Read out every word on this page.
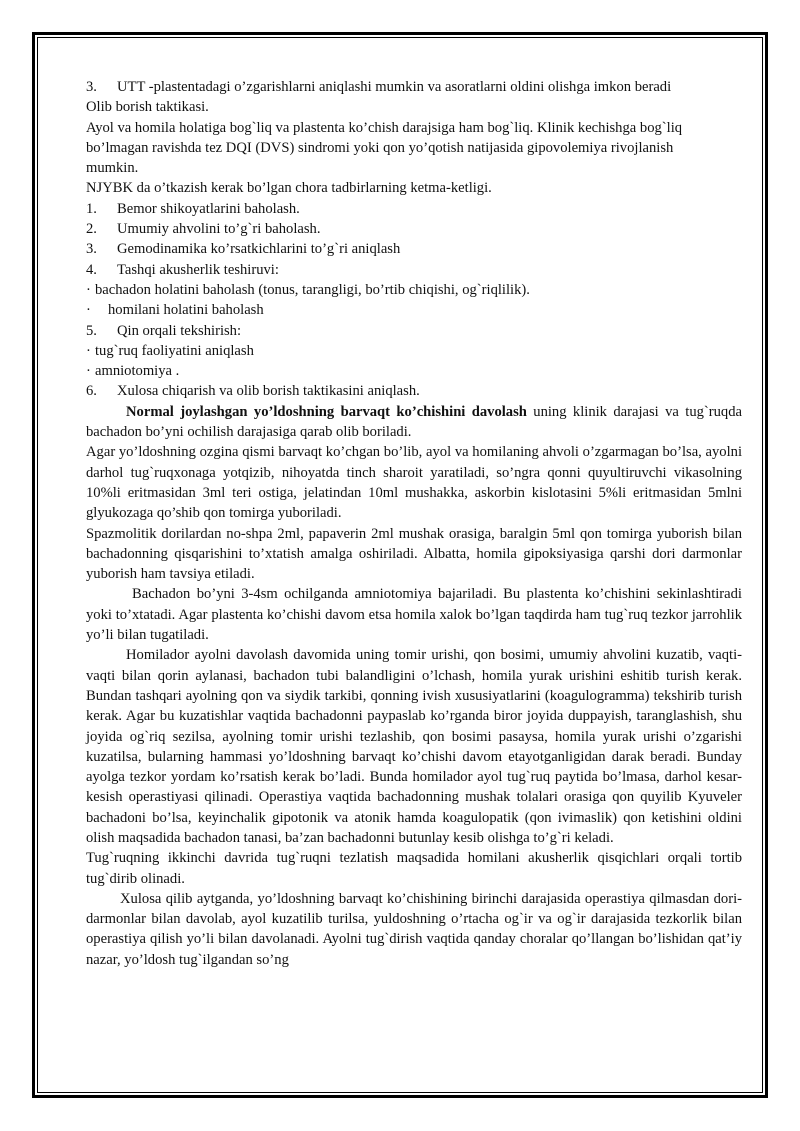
3. UTT -plastentadagi o’zgarishlarni aniqlashi mumkin va asoratlarni oldini olishga imkon beradi

Olib borish taktikasi.

Ayol va homila holatiga bog`liq va plastenta ko’chish darajsiga ham bog`liq. Klinik kechishga bog`liq bo’lmagan ravishda tez DQI (DVS) sindromi yoki qon yo’qotish natijasida gipovolemiya rivojlanish mumkin.

NJYBK da o’tkazish kerak bo’lgan chora tadbirlarning ketma-ketligi.

1. Bemor shikoyatlarini baholash.

2. Umumiy ahvolini to’g`ri baholash.

3. Gemodinamika ko’rsatkichlarini to’g`ri aniqlash

4. Tashqi akusherlik teshiruvi:

· bachadon holatini baholash (tonus, tarangligi, bo’rtib chiqishi, og`riqlilik).

· homilani holatini baholash

5. Qin orqali tekshirish:

· tug`ruq faoliyatini aniqlash

· amniotomiya .

6. Xulosa chiqarish va olib borish taktikasini aniqlash.

Normal joylashgan yo’ldoshning barvaqt ko’chishini davolash uning klinik darajasi va tug`ruqda bachadon bo’yni ochilish darajasiga qarab olib boriladi.

Agar yo’ldoshning ozgina qismi barvaqt ko’chgan bo’lib, ayol va homilaning ahvoli o’zgarmagan bo’lsa, ayolni darhol tug`ruqxonaga yotqizib, nihoyatda tinch sharoit yaratiladi, so’ngra qonni quyultiruvchi vikasolning 10%li eritmasidan 3ml teri ostiga, jelatindan 10ml mushakka, askorbin kislotasini 5%li eritmasidan 5mlni glyukozaga qo’shib qon tomirga yuboriladi.

Spazmolitik dorilardan no-shpa 2ml, papaverin 2ml mushak orasiga, baralgin 5ml qon tomirga yuborish bilan bachadonning qisqarishini to’xtatish amalga oshiriladi. Albatta, homila gipoksiyasiga qarshi dori darmonlar yuborish ham tavsiya etiladi.

Bachadon bo’yni 3-4sm ochilganda amniotomiya bajariladi. Bu plastenta ko’chishini sekinlashtiradi yoki to’xtatadi. Agar plastenta ko’chishi davom etsa homila xalok bo’lgan taqdirda ham tug`ruq tezkor jarrohlik yo’li bilan tugatiladi.

Homilador ayolni davolash davomida uning tomir urishi, qon bosimi, umumiy ahvolini kuzatib, vaqti-vaqti bilan qorin aylanasi, bachadon tubi balandligini o’lchash, homila yurak urishini eshitib turish kerak. Bundan tashqari ayolning qon va siydik tarkibi, qonning ivish xususiyatlarini (koagulogramma) tekshirib turish kerak. Agar bu kuzatishlar vaqtida bachadonni paypaslab ko’rganda biror joyida duppayish, taranglashish, shu joyida og`riq sezilsa, ayolning tomir urishi tezlashib, qon bosimi pasaysa, homila yurak urishi o’zgarishi kuzatilsa, bularning hammasi yo’ldoshning barvaqt ko’chishi davom etayotganligidan darak beradi. Bunday ayolga tezkor yordam ko’rsatish kerak bo’ladi. Bunda homilador ayol tug`ruq paytida bo’lmasa, darhol kesar-kesish operastiyasi qilinadi. Operastiya vaqtida bachadonning mushak tolalari orasiga qon quyilib Kyuveler bachadoni bo’lsa, keyinchalik gipotonik va atonik hamda koagulopatik (qon ivimaslik) qon ketishini oldini olish maqsadida bachadon tanasi, ba’zan bachadonni butunlay kesib olishga to’g`ri keladi.

Tug`ruqning ikkinchi davrida tug`ruqni tezlatish maqsadida homilani akusherlik qisqichlari orqali tortib tug`dirib olinadi.

Xulosa qilib aytganda, yo’ldoshning barvaqt ko’chishining birinchi darajasida operastiya qilmasdan dori-darmonlar bilan davolab, ayol kuzatilib turilsa, yuldoshning o’rtacha og`ir va og`ir darajasida tezkorlik bilan operastiya qilish yo’li bilan davolanadi. Ayolni tug`dirish vaqtida qanday choralar qo’llangan bo’lishidan qat’iy nazar, yo’ldosh tug`ilgandan so’ng
